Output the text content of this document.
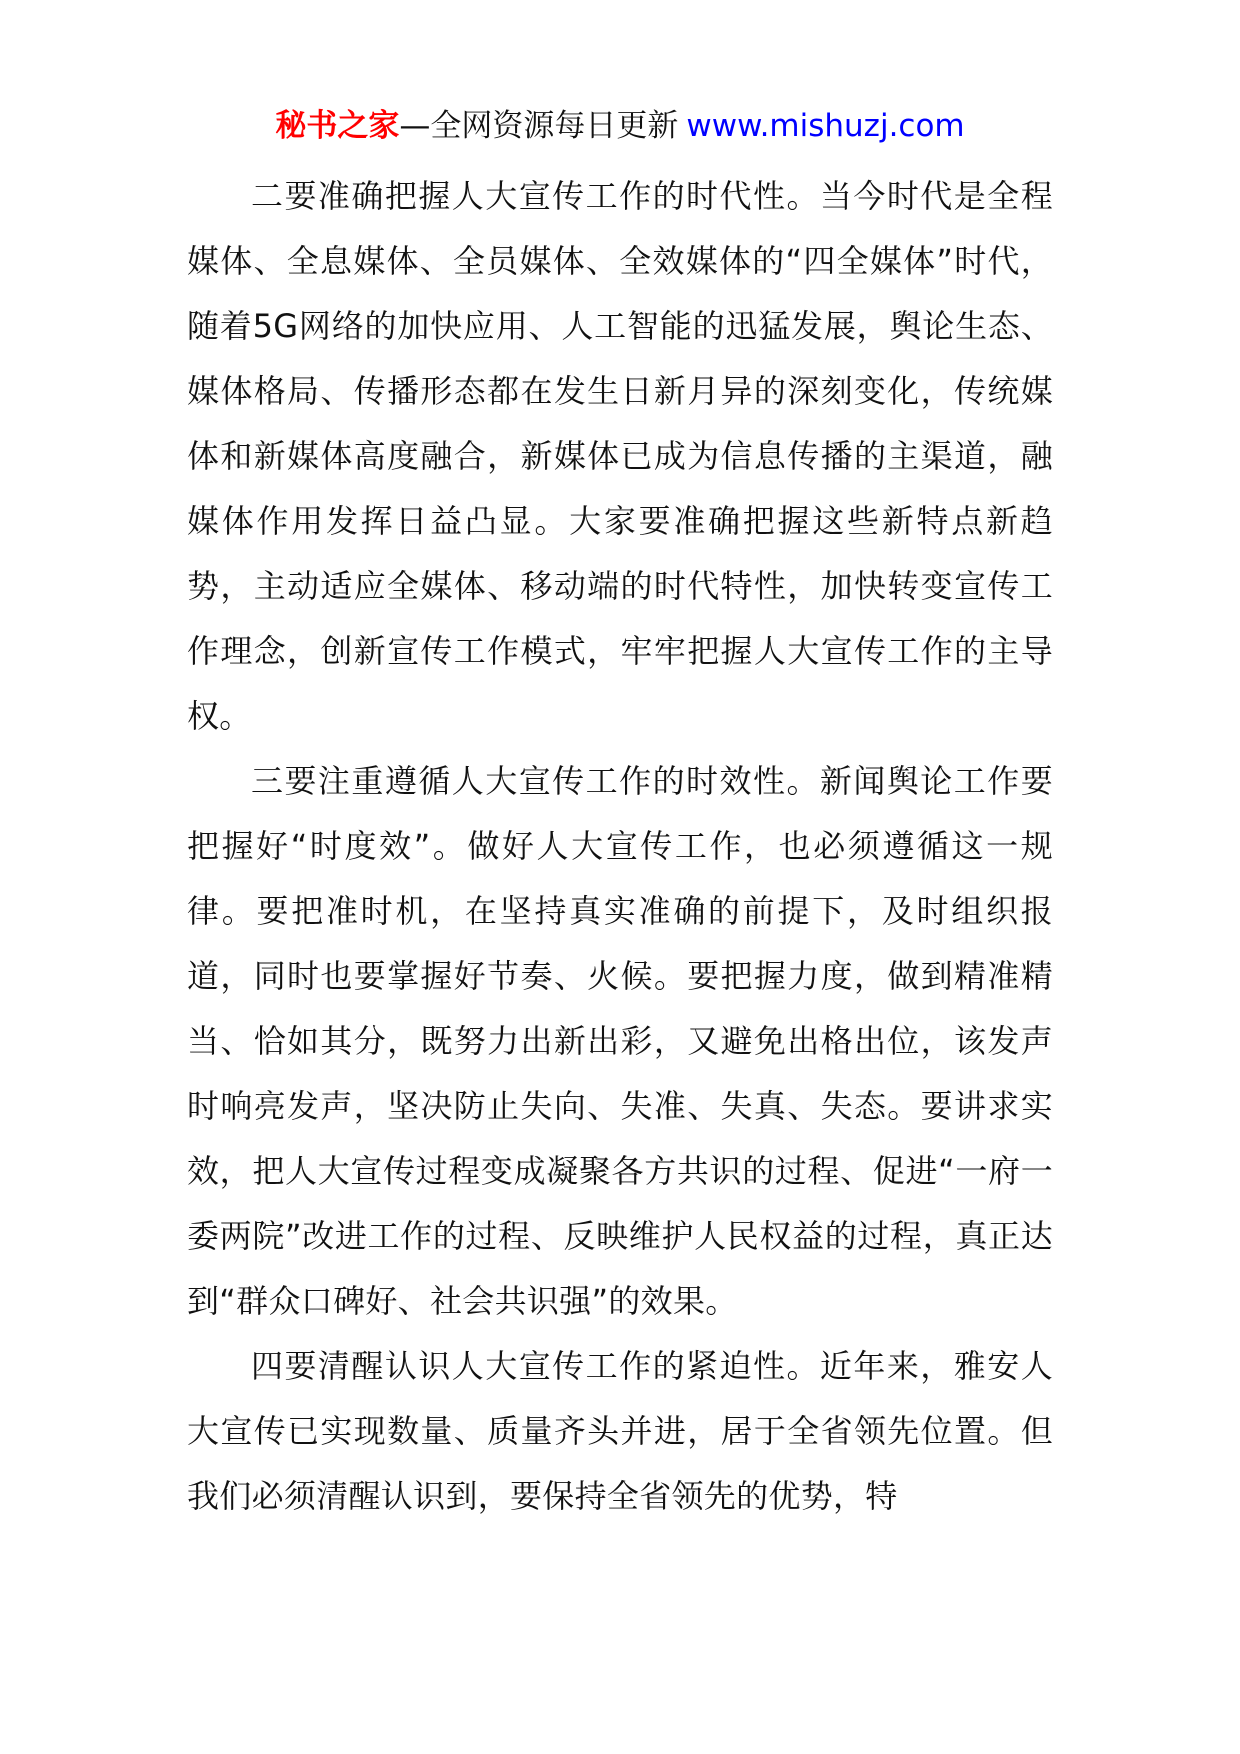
秘书之家—全网资源每日更新 www.mishuzj.com

二要准确把握人大宣传工作的时代性。当今时代是全程媒体、全息媒体、全员媒体、全效媒体的“四全媒体”时代，随着5G网络的加快应用、人工智能的迅猛发展，舆论生态、媒体格局、传播形态都在发生日新月异的深刻变化，传统媒体和新媒体高度融合，新媒体已成为信息传播的主渠道，融媒体作用发挥日益凸显。大家要准确把握这些新特点新趋势，主动适应全媒体、移动端的时代特性，加快转变宣传工作理念，创新宣传工作模式，牢牢把握人大宣传工作的主导权。

三要注重遵循人大宣传工作的时效性。新闻舆论工作要把握好“时度效”。做好人大宣传工作，也必须遵循这一规律。要把准时机，在坚持真实准确的前提下，及时组织报道，同时也要掌握好节奏、火候。要把握力度，做到精准精当、恰如其分，既努力出新出彩，又避免出格出位，该发声时响亮发声，坚决防止失向、失准、失真、失态。要讲求实效，把人大宣传过程变成凝聚各方共识的过程、促进“一府一委两院”改进工作的过程、反映维护人民权益的过程，真正达到“群众口碑好、社会共识强”的效果。

四要清醒认识人大宣传工作的紧迫性。近年来，雅安人大宣传已实现数量、质量齐头并进，居于全省领先位置。但我们必须清醒认识到，要保持全省领先的优势，特
